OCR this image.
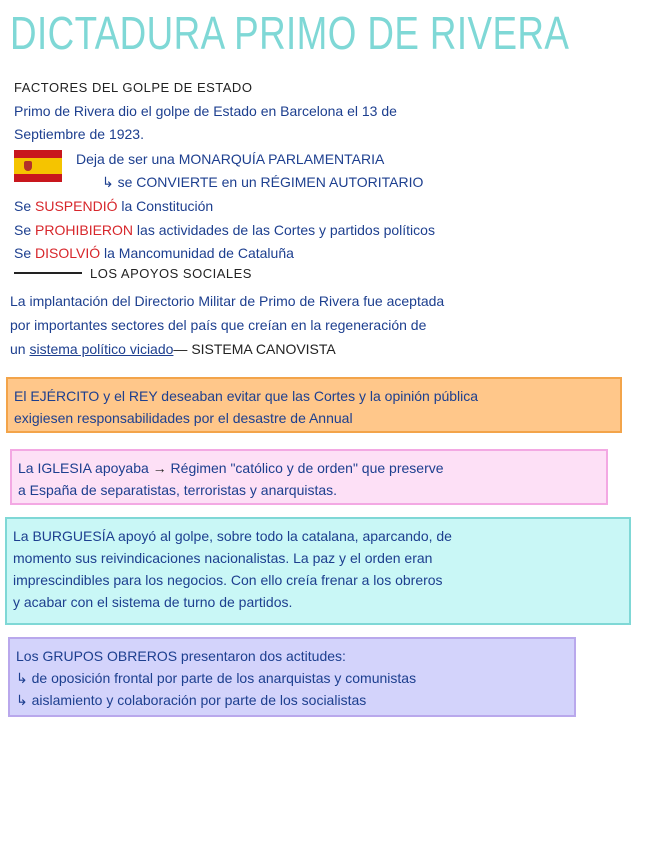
DICTADURA PRIMO DE RIVERA
FACTORES DEL GOLPE DE ESTADO
Primo de Rivera dio el golpe de Estado en Barcelona el 13 de
Septiembre de 1923.
Deja de ser una MONARQUÍA PARLAMENTARIA
↳ se CONVIERTE en un RÉGIMEN AUTORITARIO
Se SUSPENDIÓ la Constitución
Se PROHIBIERON las actividades de las Cortes y partidos políticos
Se DISOLVIÓ la Mancomunidad de Cataluña
LOS APOYOS SOCIALES
La implantación del Directorio Militar de Primo de Rivera fue aceptada
por importantes sectores del país que creían en la regeneración de
un sistema político viciado— SISTEMA CANOVISTA
El EJÉRCITO y el REY deseaban evitar que las Cortes y la opinión pública
exigiesen responsabilidades por el desastre de Annual
La IGLESIA apoyaba → Régimen "católico y de orden" que preserve
a España de separatistas, terroristas y anarquistas.
La BURGUESÍA apoyó al golpe, sobre todo la catalana, aparcando, de
momento sus reivindicaciones nacionalistas. La paz y el orden eran
imprescindibles para los negocios. Con ello creía frenar a los obreros
y acabar con el sistema de turno de partidos.
Los GRUPOS OBREROS presentaron dos actitudes:
↳ de oposición frontal por parte de los anarquistas y comunistas
↳ aislamiento y colaboración por parte de los socialistas
